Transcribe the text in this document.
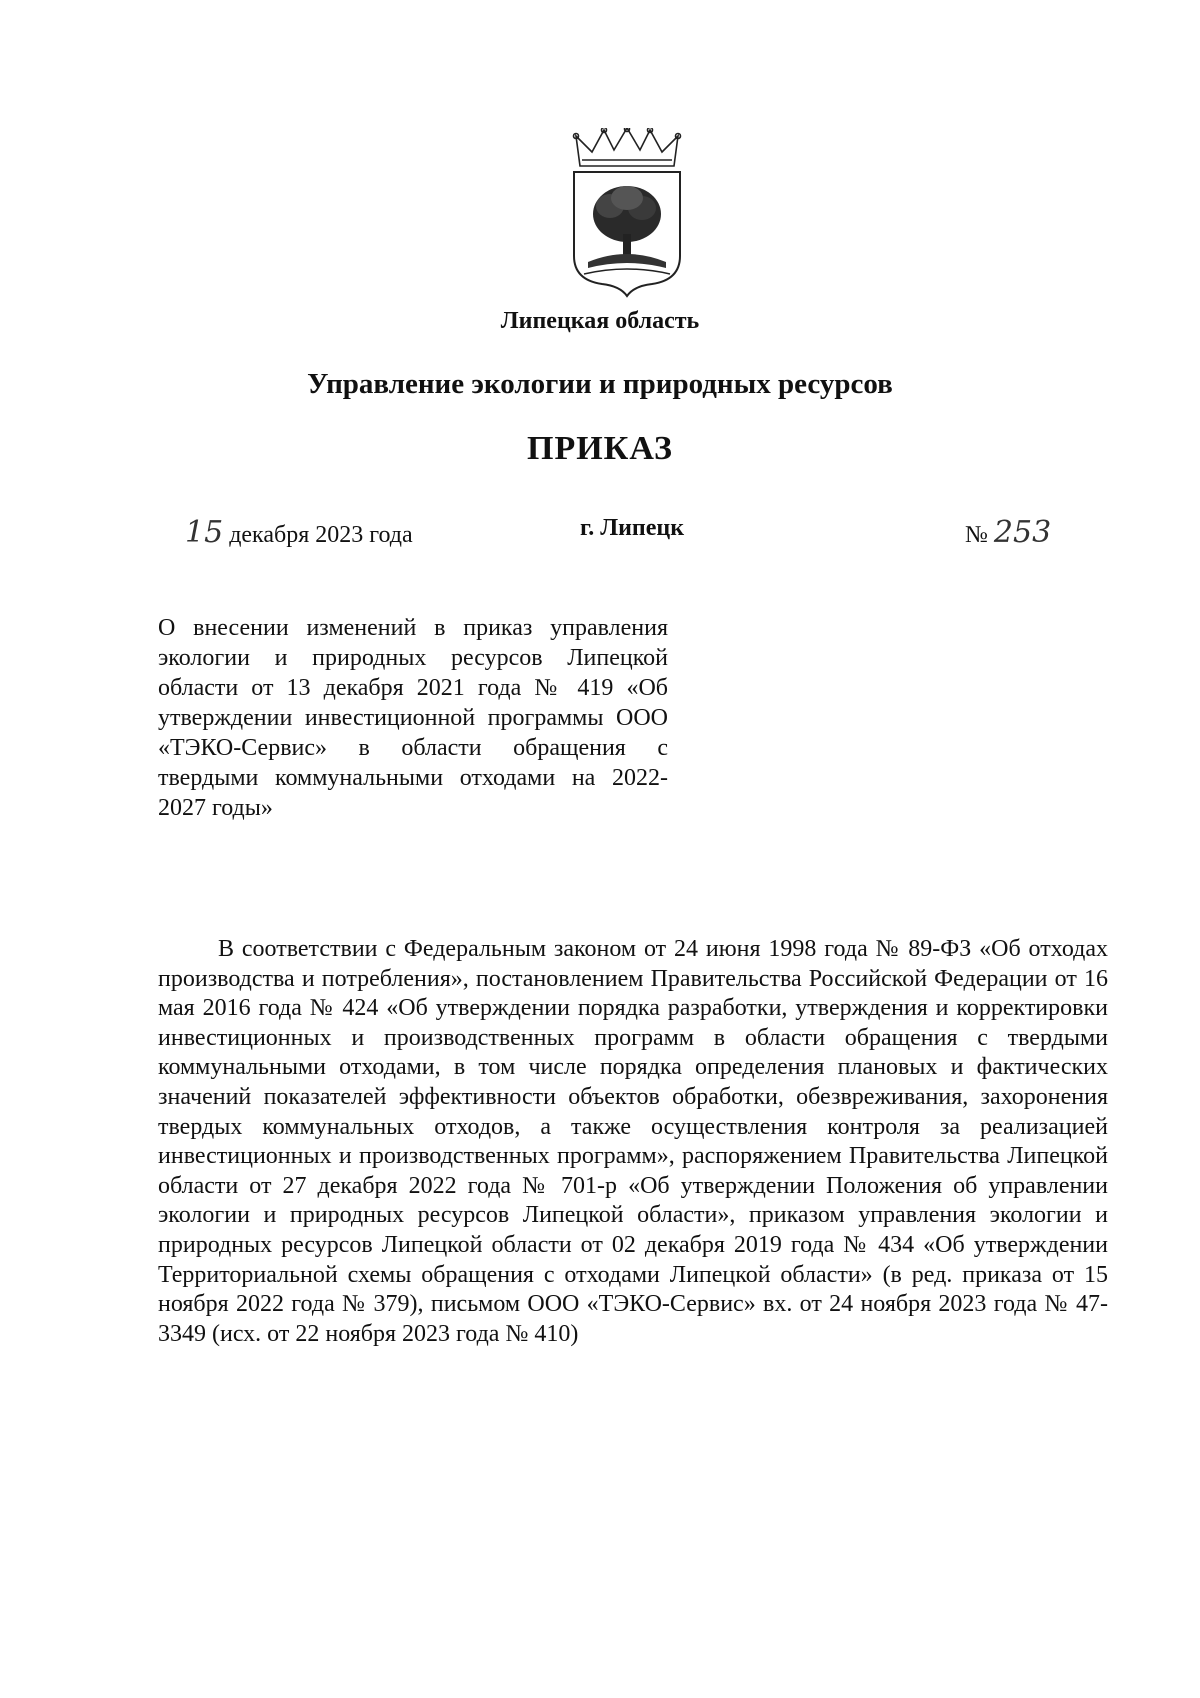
Липецкая область
Управление экологии и природных ресурсов
ПРИКАЗ
15 декабря 2023 года	г. Липецк	№ 253

О внесении изменений в приказ управления экологии и природных ресурсов Липецкой области от 13 декабря 2021 года № 419 «Об утверждении инвестиционной программы ООО «ТЭКО-Сервис» в области обращения с твердыми коммунальными отходами на 2022-2027 годы»

В соответствии с Федеральным законом от 24 июня 1998 года № 89-ФЗ «Об отходах производства и потребления», постановлением Правительства Российской Федерации от 16 мая 2016 года № 424 «Об утверждении порядка разработки, утверждения и корректировки инвестиционных и производственных программ в области обращения с твердыми коммунальными отходами, в том числе порядка определения плановых и фактических значений показателей эффективности объектов обработки, обезвреживания, захоронения твердых коммунальных отходов, а также осуществления контроля за реализацией инвестиционных и производственных программ», распоряжением Правительства Липецкой области от 27 декабря 2022 года № 701-р «Об утверждении Положения об управлении экологии и природных ресурсов Липецкой области», приказом управления экологии и природных ресурсов Липецкой области от 02 декабря 2019 года № 434 «Об утверждении Территориальной схемы обращения с отходами Липецкой области» (в ред. приказа от 15 ноября 2022 года № 379), письмом ООО «ТЭКО-Сервис» вх. от 24 ноября 2023 года № 47-3349 (исх. от 22 ноября 2023 года № 410)
